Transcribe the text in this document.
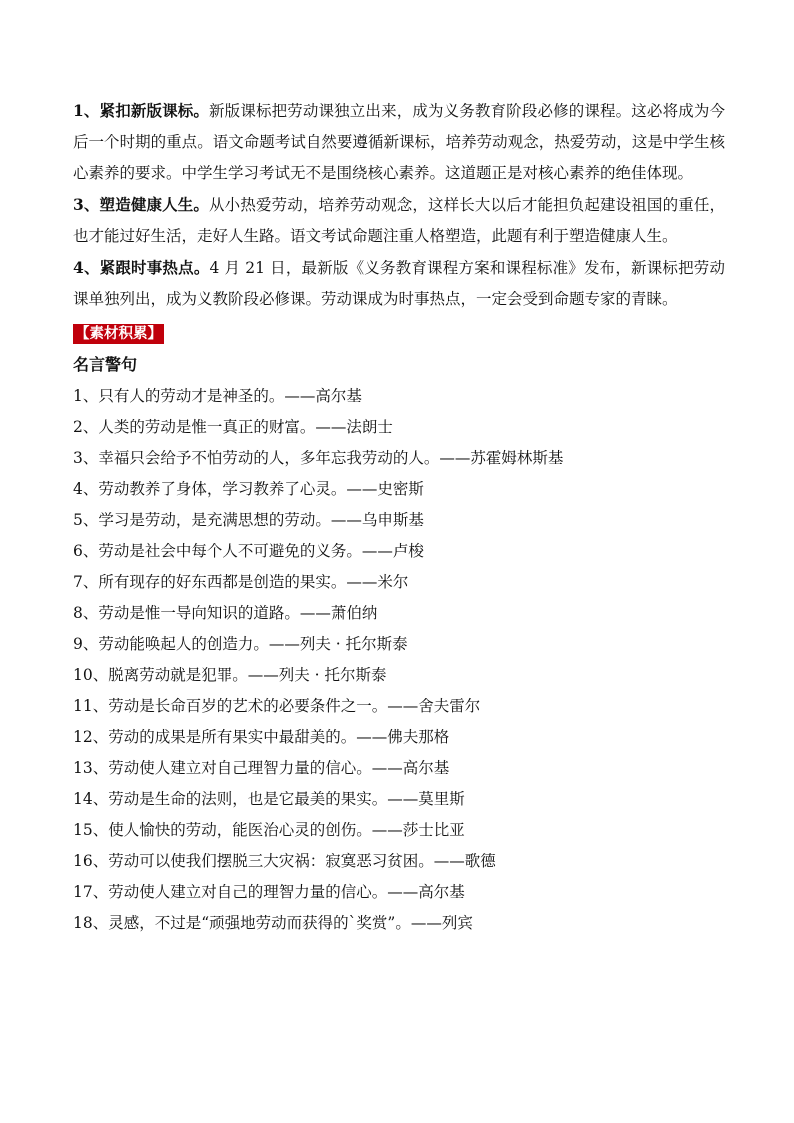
1、紧扣新版课标。新版课标把劳动课独立出来，成为义务教育阶段必修的课程。这必将成为今后一个时期的重点。语文命题考试自然要遵循新课标，培养劳动观念，热爱劳动，这是中学生核心素养的要求。中学生学习考试无不是围绕核心素养。这道题正是对核心素养的绝佳体现。

3、塑造健康人生。从小热爱劳动，培养劳动观念，这样长大以后才能担负起建设祖国的重任，也才能过好生活，走好人生路。语文考试命题注重人格塑造，此题有利于塑造健康人生。

4、紧跟时事热点。4 月 21 日，最新版《义务教育课程方案和课程标准》发布，新课标把劳动课单独列出，成为义教阶段必修课。劳动课成为时事热点，一定会受到命题专家的青睐。

【素材积累】
名言警句
1、只有人的劳动才是神圣的。——高尔基
2、人类的劳动是惟一真正的财富。——法朗士
3、幸福只会给予不怕劳动的人，多年忘我劳动的人。——苏霍姆林斯基
4、劳动教养了身体，学习教养了心灵。——史密斯
5、学习是劳动，是充满思想的劳动。——乌申斯基
6、劳动是社会中每个人不可避免的义务。——卢梭
7、所有现存的好东西都是创造的果实。——米尔
8、劳动是惟一导向知识的道路。——萧伯纳
9、劳动能唤起人的创造力。——列夫 · 托尔斯泰
10、脱离劳动就是犯罪。——列夫 · 托尔斯泰
11、劳动是长命百岁的艺术的必要条件之一。——舍夫雷尔
12、劳动的成果是所有果实中最甜美的。——佛夫那格
13、劳动使人建立对自己理智力量的信心。——高尔基
14、劳动是生命的法则，也是它最美的果实。——莫里斯
15、使人愉快的劳动，能医治心灵的创伤。——莎士比亚
16、劳动可以使我们摆脱三大灾祸：寂寞恶习贫困。——歌德
17、劳动使人建立对自己的理智力量的信心。——高尔基
18、灵感，不过是“顽强地劳动而获得的`奖赏”。——列宾
